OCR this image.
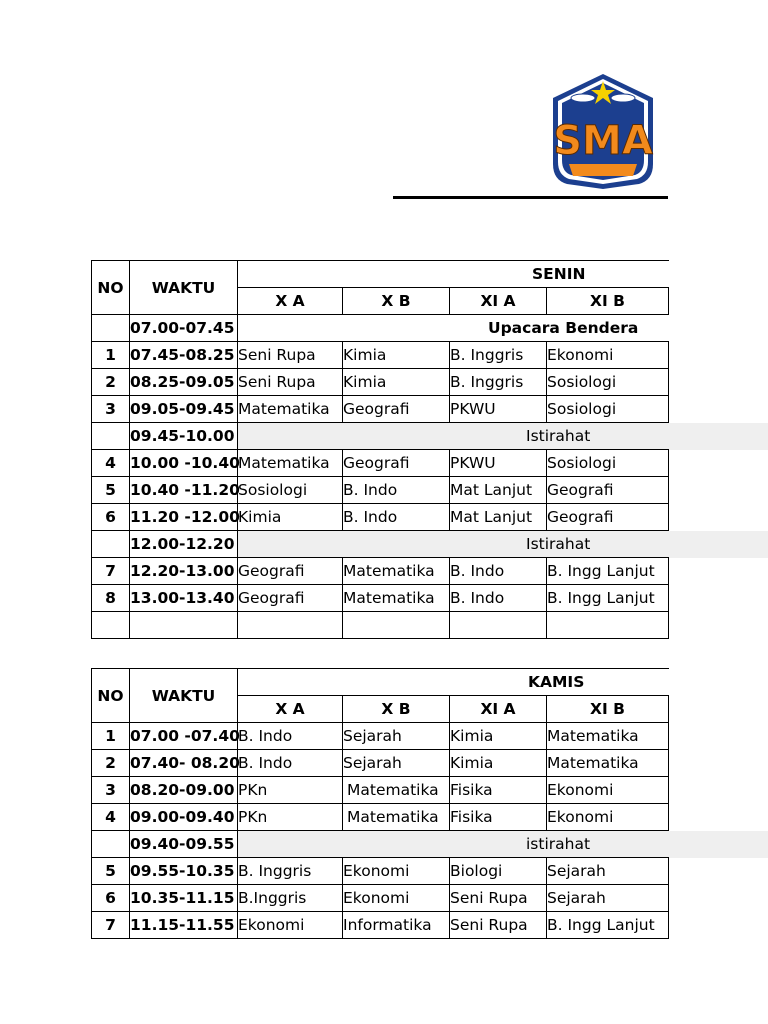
SMA
NO	WAKTU	SENIN			

		X A	X B	XI A	XI B
	07.00-07.45	Upacara Bendera			

1	07.45-08.25	Seni Rupa	Kimia	B. Inggris	Ekonomi
2	08.25-09.05	Seni Rupa	Kimia	B. Inggris	Sosiologi
3	09.05-09.45	Matematika	Geografi	PKWU	Sosiologi
	09.45-10.00	Istirahat			

4	10.00 -10.40	Matematika	Geografi	PKWU	Sosiologi
5	10.40 -11.20	Sosiologi	B. Indo	Mat Lanjut	Geografi
6	11.20 -12.00	Kimia	B. Indo	Mat Lanjut	Geografi
	12.00-12.20	Istirahat			

7	12.20-13.00	Geografi	Matematika	B. Indo	B. Ingg Lanjut
8	13.00-13.40	Geografi	Matematika	B. Indo	B. Ingg Lanjut

NO	WAKTU	KAMIS			

		X A	X B	XI A	XI B
1	07.00 -07.40	B. Indo	Sejarah	Kimia	Matematika
2	07.40- 08.20	B. Indo	Sejarah	Kimia	Matematika
3	08.20-09.00	PKn	Matematika	Fisika	Ekonomi
4	09.00-09.40	PKn	Matematika	Fisika	Ekonomi
	09.40-09.55	istirahat			

5	09.55-10.35	B. Inggris	Ekonomi	Biologi	Sejarah
6	10.35-11.15	B.Inggris	Ekonomi	Seni Rupa	Sejarah
7	11.15-11.55	Ekonomi	Informatika	Seni Rupa	B. Ingg Lanjut
